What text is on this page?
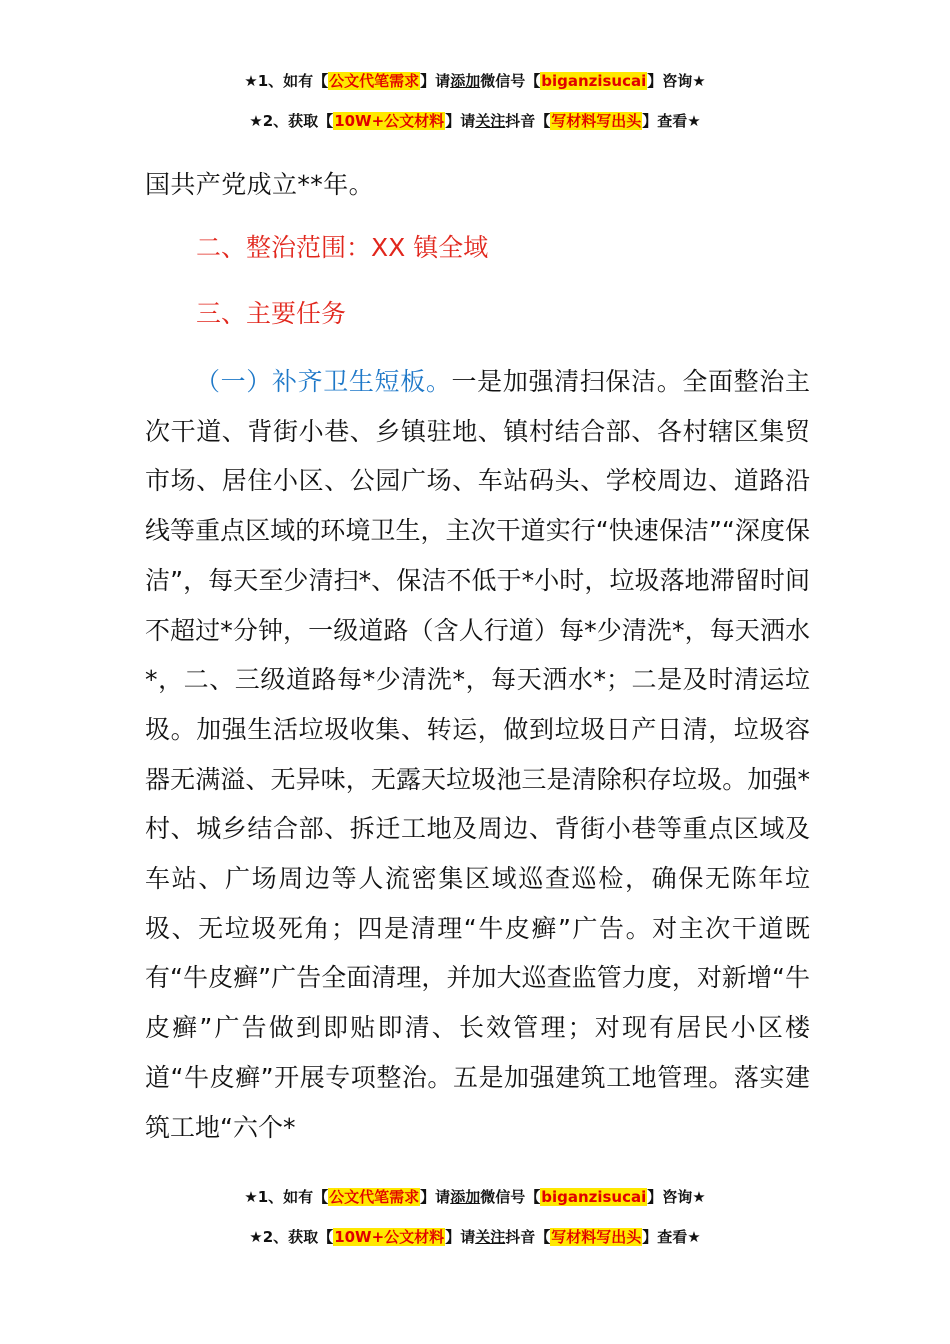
★1、如有【公文代笔需求】请添加微信号【biganzisucai】咨询★
★2、获取【10W+公文材料】请关注抖音【写材料写出头】查看★
国共产党成立**年。
二、整治范围：XX 镇全域
三、主要任务
（一）补齐卫生短板。一是加强清扫保洁。全面整治主次干道、背街小巷、乡镇驻地、镇村结合部、各村辖区集贸市场、居住小区、公园广场、车站码头、学校周边、道路沿线等重点区域的环境卫生，主次干道实行“快速保洁”“深度保洁”，每天至少清扫*、保洁不低于*小时，垃圾落地滞留时间不超过*分钟，一级道路（含人行道）每*少清洗*，每天洒水*，二、三级道路每*少清洗*，每天洒水*；二是及时清运垃圾。加强生活垃圾收集、转运，做到垃圾日产日清，垃圾容器无满溢、无异味，无露天垃圾池三是清除积存垃圾。加强*村、城乡结合部、拆迁工地及周边、背街小巷等重点区域及车站、广场周边等人流密集区域巡查巡检，确保无陈年垃圾、无垃圾死角；四是清理“牛皮癣”广告。对主次干道既有“牛皮癣”广告全面清理，并加大巡查监管力度，对新增“牛皮癣”广告做到即贴即清、长效管理；对现有居民小区楼道“牛皮癣”开展专项整治。五是加强建筑工地管理。落实建筑工地“六个*
★1、如有【公文代笔需求】请添加微信号【biganzisucai】咨询★
★2、获取【10W+公文材料】请关注抖音【写材料写出头】查看★
